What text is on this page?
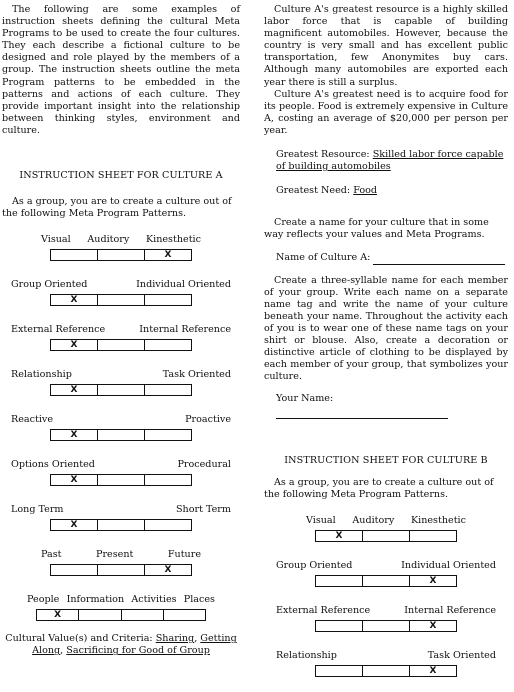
The following are some examples of instruction sheets defining the cultural Meta Programs to be used to create the four cultures. They each describe a fictional culture to be designed and role played by the members of a group. The instruction sheets outline the meta Program patterns to be embedded in the patterns and actions of each culture. They provide important insight into the relationship between thinking styles, environment and culture.

INSTRUCTION SHEET FOR CULTURE A

As a group, you are to create a culture out of the following Meta Program Patterns.

Visual Auditory Kinesthetic
X
Group Oriented	Individual Oriented
X
External Reference	Internal Reference
X
Relationship	Task Oriented
X
Reactive	Proactive
X
Options Oriented	Procedural
X
Long Term	Short Term
X
Past	Present	Future
X
People Information Activities Places
X

Cultural Value(s) and Criteria: Sharing, Getting Along, Sacrificing for Good of Group

Culture A's greatest resource is a highly skilled labor force that is capable of building magnificent automobiles. However, because the country is very small and has excellent public transportation, few Anonymites buy cars. Although many automobiles are exported each year there is still a surplus.

Culture A's greatest need is to acquire food for its people. Food is extremely expensive in Culture A, costing an average of $20,000 per person per year.

Greatest Resource: Skilled labor force capable of building automobiles

Greatest Need: Food

Create a name for your culture that in some way reflects your values and Meta Programs.

Name of Culture A:

Create a three-syllable name for each member of your group. Write each name on a separate name tag and write the name of your culture beneath your name. Throughout the activity each of you is to wear one of these name tags on your shirt or blouse. Also, create a decoration or distinctive article of clothing to be displayed by each member of your group, that symbolizes your culture.

Your Name:

INSTRUCTION SHEET FOR CULTURE B

As a group, you are to create a culture out of the following Meta Program Patterns.

Visual Auditory Kinesthetic
X
Group Oriented	Individual Oriented
X
External Reference	Internal Reference
X
Relationship	Task Oriented
X
